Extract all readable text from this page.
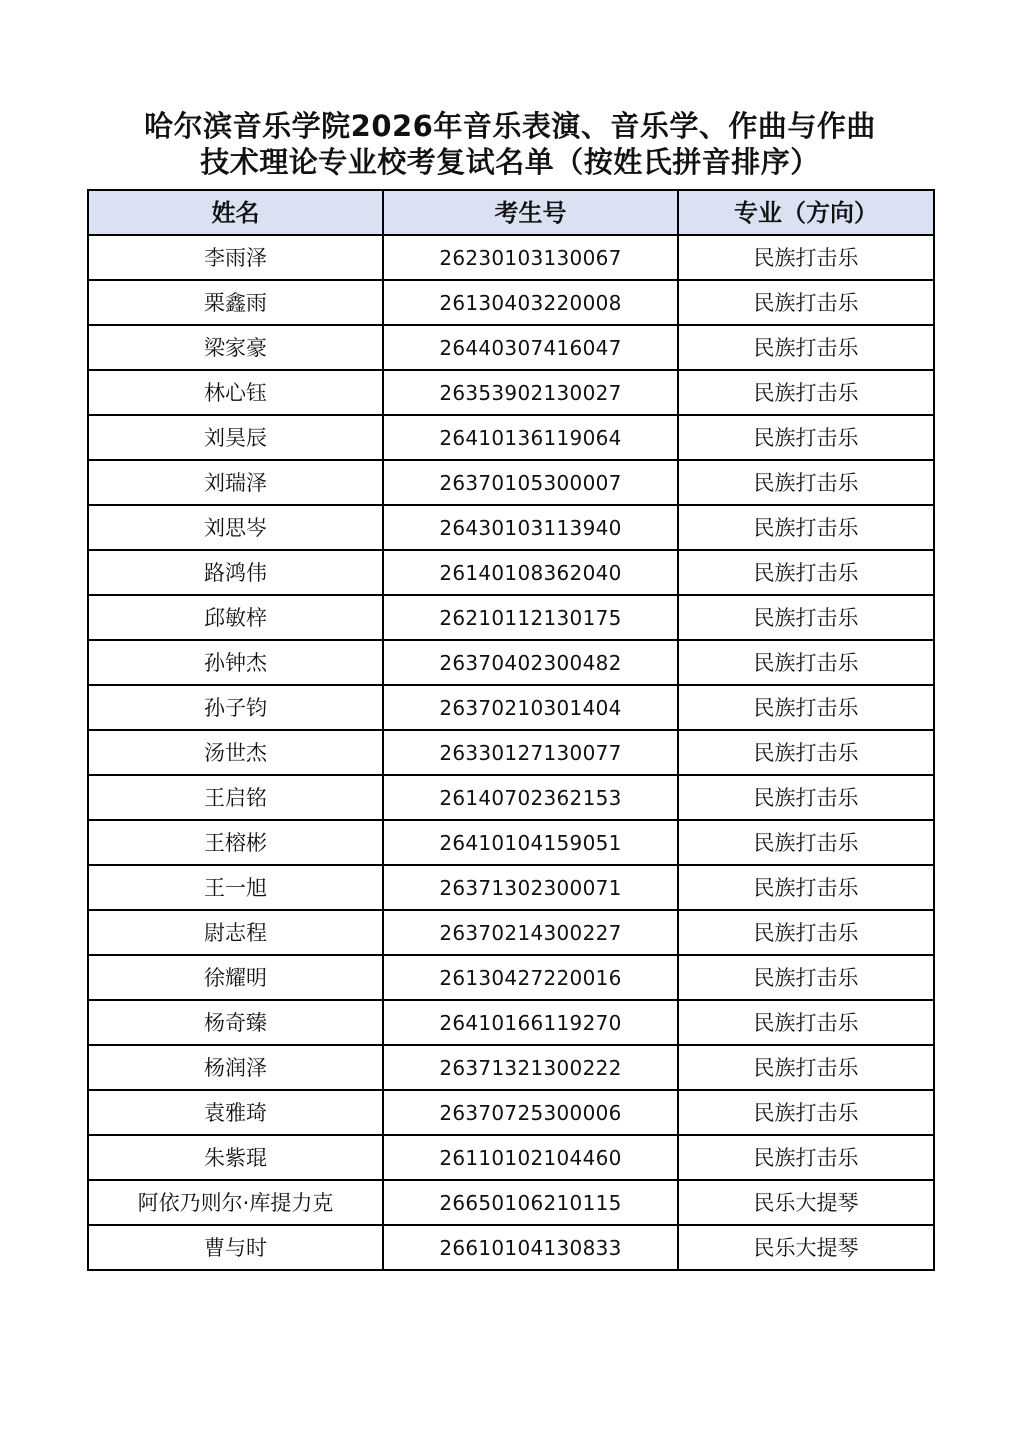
哈尔滨音乐学院2026年音乐表演、音乐学、作曲与作曲
技术理论专业校考复试名单（按姓氏拼音排序）
姓名	考生号	专业（方向）
李雨泽	26230103130067	民族打击乐
栗鑫雨	26130403220008	民族打击乐
梁家豪	26440307416047	民族打击乐
林心钰	26353902130027	民族打击乐
刘昊辰	26410136119064	民族打击乐
刘瑞泽	26370105300007	民族打击乐
刘思岑	26430103113940	民族打击乐
路鸿伟	26140108362040	民族打击乐
邱敏梓	26210112130175	民族打击乐
孙钟杰	26370402300482	民族打击乐
孙子钧	26370210301404	民族打击乐
汤世杰	26330127130077	民族打击乐
王启铭	26140702362153	民族打击乐
王榕彬	26410104159051	民族打击乐
王一旭	26371302300071	民族打击乐
尉志程	26370214300227	民族打击乐
徐耀明	26130427220016	民族打击乐
杨奇臻	26410166119270	民族打击乐
杨润泽	26371321300222	民族打击乐
袁雅琦	26370725300006	民族打击乐
朱紫琨	26110102104460	民族打击乐
阿依乃则尔·库提力克	26650106210115	民乐大提琴
曹与时	26610104130833	民乐大提琴
